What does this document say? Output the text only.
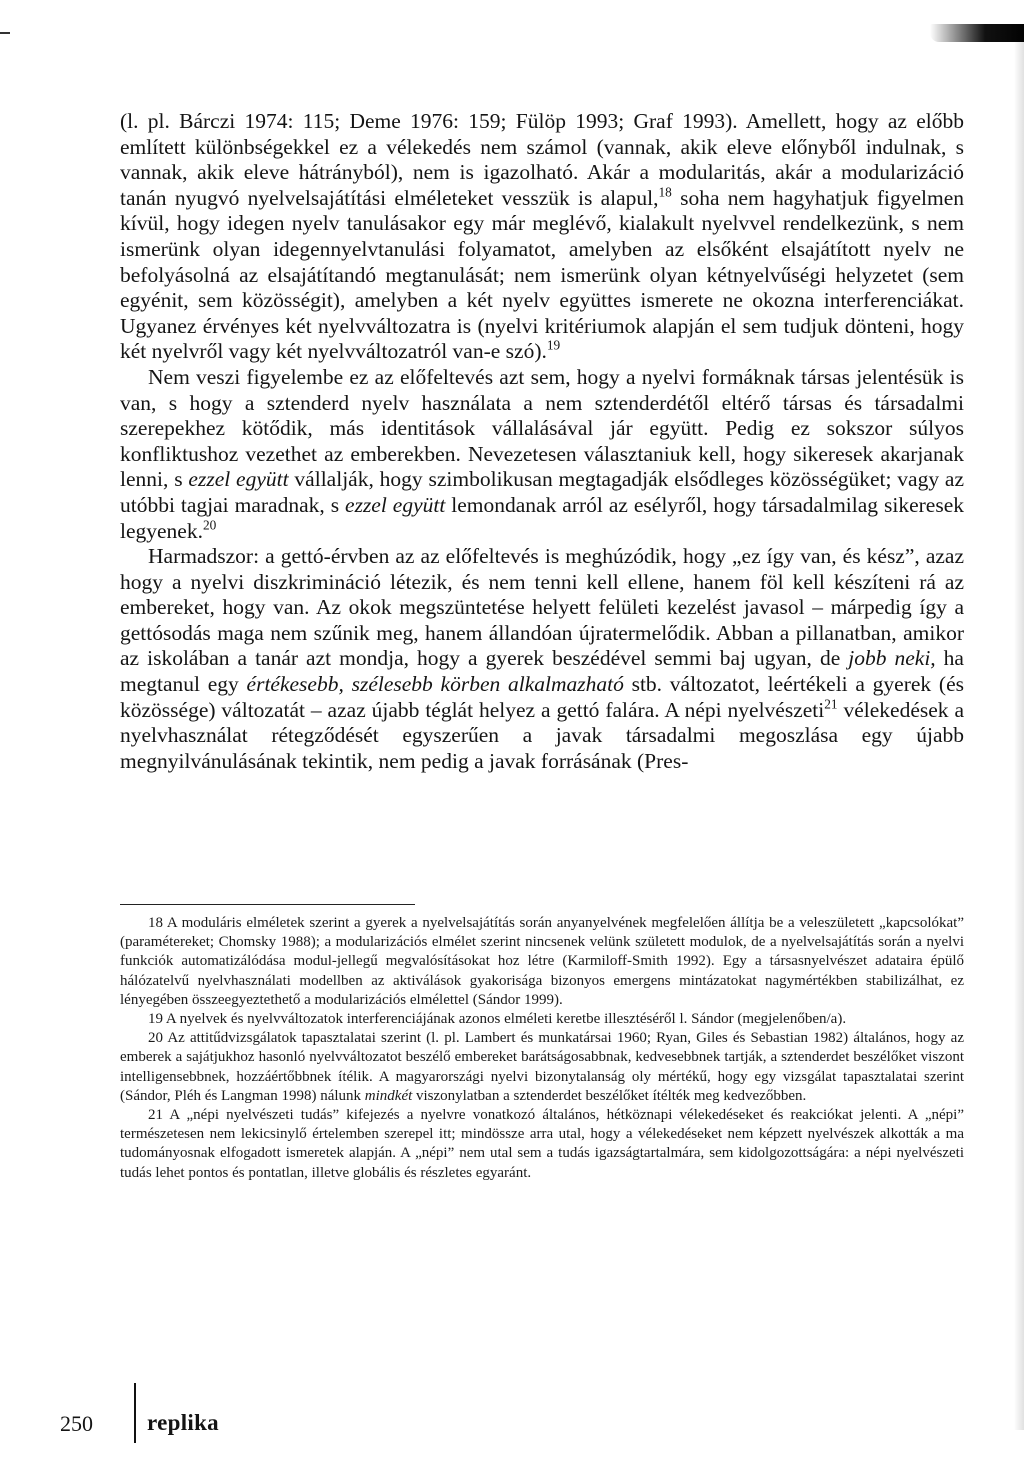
(l. pl. Bárczi 1974: 115; Deme 1976: 159; Fülöp 1993; Graf 1993). Amellett, hogy az előbb említett különbségekkel ez a vélekedés nem számol (vannak, akik eleve előnyből indulnak, s vannak, akik eleve hátrányból), nem is igazolható. Akár a modularitás, akár a modularizáció tanán nyugvó nyelvelsajátítási elméleteket vesszük is alapul,$^{18}$ soha nem hagyhatjuk figyelmen kívül, hogy idegen nyelv tanulásakor egy már meglévő, kialakult nyelvvel rendelkezünk, s nem ismerünk olyan idegennyelvtanulási folyamatot, amelyben az elsőként elsajátított nyelv ne befolyásolná az elsajátítandó megtanulását; nem ismerünk olyan kétnyelvűségi helyzetet (sem egyénit, sem közösségit), amelyben a két nyelv együttes ismerete ne okozna interferenciákat. Ugyanez érvényes két nyelvváltozatra is (nyelvi kritériumok alapján el sem tudjuk dönteni, hogy két nyelvről vagy két nyelvváltozatról van-e szó).$^{19}$

Nem veszi figyelembe ez az előfeltevés azt sem, hogy a nyelvi formáknak társas jelentésük is van, s hogy a sztenderd nyelv használata a nem sztenderdétől eltérő társas és társadalmi szerepekhez kötődik, más identitások vállalásával jár együtt. Pedig ez sokszor súlyos konfliktushoz vezethet az emberekben. Nevezetesen választaniuk kell, hogy sikeresek akarjanak lenni, s ezzel együtt vállalják, hogy szimbolikusan megtagadják elsődleges közösségüket; vagy az utóbbi tagjai maradnak, s ezzel együtt lemondanak arról az esélyről, hogy társadalmilag sikeresek legyenek.$^{20}$

Harmadszor: a gettó-érvben az az előfeltevés is meghúzódik, hogy „ez így van, és kész”, azaz hogy a nyelvi diszkrimináció létezik, és nem tenni kell ellene, hanem föl kell készíteni rá az embereket, hogy van. Az okok megszüntetése helyett felületi kezelést javasol – márpedig így a gettósodás maga nem szűnik meg, hanem állandóan újratermelődik. Abban a pillanatban, amikor az iskolában a tanár azt mondja, hogy a gyerek beszédével semmi baj ugyan, de jobb neki, ha megtanul egy értékesebb, szélesebb körben alkalmazható stb. változatot, leértékeli a gyerek (és közössége) változatát – azaz újabb téglát helyez a gettó falára. A népi nyelvészeti$^{21}$ vélekedések a nyelvhasználat rétegződését egyszerűen a javak társadalmi megoszlása egy újabb megnyilvánulásának tekintik, nem pedig a javak forrásának (Pres-

18 A moduláris elméletek szerint a gyerek a nyelvelsajátítás során anyanyelvének megfelelően állítja be a veleszületett „kapcsolókat” (paramétereket; Chomsky 1988); a modularizációs elmélet szerint nincsenek velünk született modulok, de a nyelvelsajátítás során a nyelvi funkciók automatizálódása modul-jellegű megvalósításokat hoz létre (Karmiloff-Smith 1992). Egy a társasnyelvészet adataira épülő hálózatelvű nyelvhasználati modellben az aktiválások gyakorisága bizonyos emergens mintázatokat nagymértékben stabilizálhat, ez lényegében összeegyeztethető a modularizációs elmélettel (Sándor 1999).

19 A nyelvek és nyelvváltozatok interferenciájának azonos elméleti keretbe illesztéséről l. Sándor (megjelenőben/a).

20 Az attitűdvizsgálatok tapasztalatai szerint (l. pl. Lambert és munkatársai 1960; Ryan, Giles és Sebastian 1982) általános, hogy az emberek a sajátjukhoz hasonló nyelvváltozatot beszélő embereket barátságosabbnak, kedvesebbnek tartják, a sztenderdet beszélőket viszont intelligensebbnek, hozzáértőbbnek ítélik. A magyarországi nyelvi bizonytalanság oly mértékű, hogy egy vizsgálat tapasztalatai szerint (Sándor, Pléh és Langman 1998) nálunk mindkét viszonylatban a sztenderdet beszélőket ítélték meg kedvezőbben.

21 A „népi nyelvészeti tudás” kifejezés a nyelvre vonatkozó általános, hétköznapi vélekedéseket és reakciókat jelenti. A „népi” természetesen nem lekicsinylő értelemben szerepel itt; mindössze arra utal, hogy a vélekedéseket nem képzett nyelvészek alkották a ma tudományosnak elfogadott ismeretek alapján. A „népi” nem utal sem a tudás igazságtartalmára, sem kidolgozottságára: a népi nyelvészeti tudás lehet pontos és pontatlan, illetve globális és részletes egyaránt.

250 replika
